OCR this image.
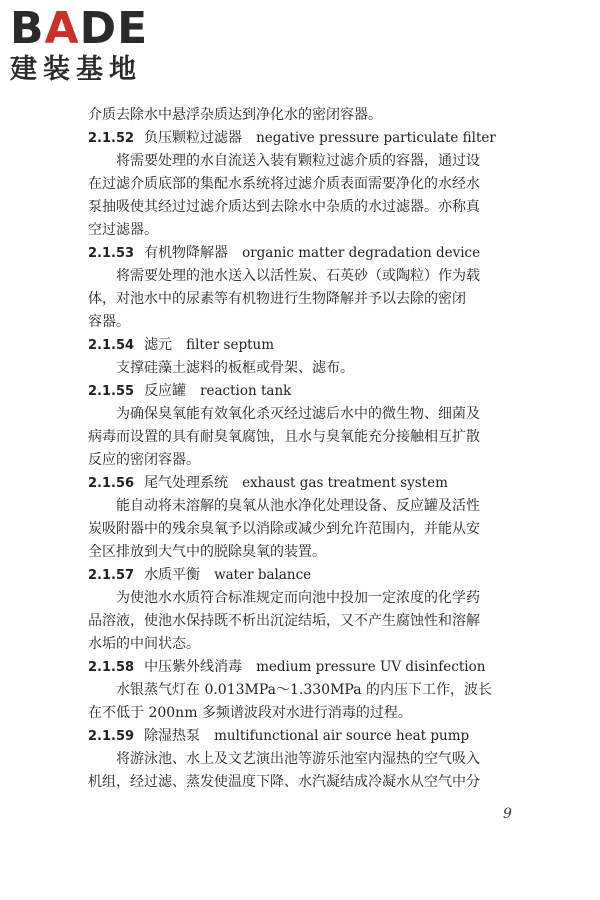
BADE
建装基地
介质去除水中悬浮杂质达到净化水的密闭容器。
2.1.52 负压颗粒过滤器 negative pressure particulate filter
将需要处理的水自流送入装有颗粒过滤介质的容器，通过设
在过滤介质底部的集配水系统将过滤介质表面需要净化的水经水
泵抽吸使其经过过滤介质达到去除水中杂质的水过滤器。亦称真
空过滤器。
2.1.53 有机物降解器 organic matter degradation device
将需要处理的池水送入以活性炭、石英砂（或陶粒）作为载
体，对池水中的尿素等有机物进行生物降解并予以去除的密闭
容器。
2.1.54 滤元 filter septum
支撑硅藻土滤料的板框或骨架、滤布。
2.1.55 反应罐 reaction tank
为确保臭氧能有效氧化杀灭经过滤后水中的微生物、细菌及
病毒而设置的具有耐臭氧腐蚀，且水与臭氧能充分接触相互扩散
反应的密闭容器。
2.1.56 尾气处理系统 exhaust gas treatment system
能自动将未溶解的臭氧从池水净化处理设备、反应罐及活性
炭吸附器中的残余臭氧予以消除或减少到允许范围内，并能从安
全区排放到大气中的脱除臭氧的装置。
2.1.57 水质平衡 water balance
为使池水水质符合标准规定而向池中投加一定浓度的化学药
品溶液，使池水保持既不析出沉淀结垢，又不产生腐蚀性和溶解
水垢的中间状态。
2.1.58 中压紫外线消毒 medium pressure UV disinfection
水银蒸气灯在 0.013MPa～1.330MPa 的内压下工作，波长
在不低于 200nm 多频谱波段对水进行消毒的过程。
2.1.59 除湿热泵 multifunctional air source heat pump
将游泳池、水上及文艺演出池等游乐池室内湿热的空气吸入
机组，经过滤、蒸发使温度下降、水汽凝结成冷凝水从空气中分
9
